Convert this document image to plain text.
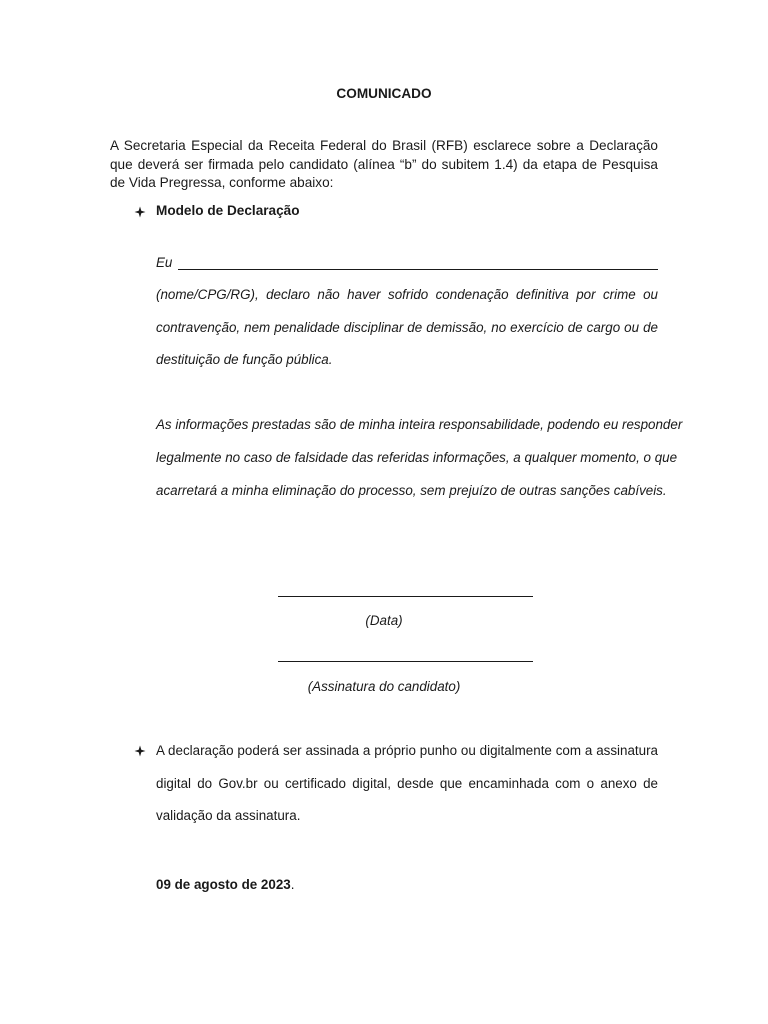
COMUNICADO
A Secretaria Especial da Receita Federal do Brasil (RFB) esclarece sobre a Declaração que deverá ser firmada pelo candidato (alínea “b” do subitem 1.4) da etapa de Pesquisa de Vida Pregressa, conforme abaixo:
Modelo de Declaração
Eu
(nome/CPG/RG), declaro não haver sofrido condenação definitiva por crime ou
contravenção, nem penalidade disciplinar de demissão, no exercício de cargo ou de
destituição de função pública.
As informações prestadas são de minha inteira responsabilidade, podendo eu responder
legalmente no caso de falsidade das referidas informações, a qualquer momento, o que
acarretará a minha eliminação do processo, sem prejuízo de outras sanções cabíveis.
(Data)
(Assinatura do candidato)
A declaração poderá ser assinada a próprio punho ou digitalmente com a assinatura
digital do Gov.br ou certificado digital, desde que encaminhada com o anexo de
validação da assinatura.
09 de agosto de 2023.
